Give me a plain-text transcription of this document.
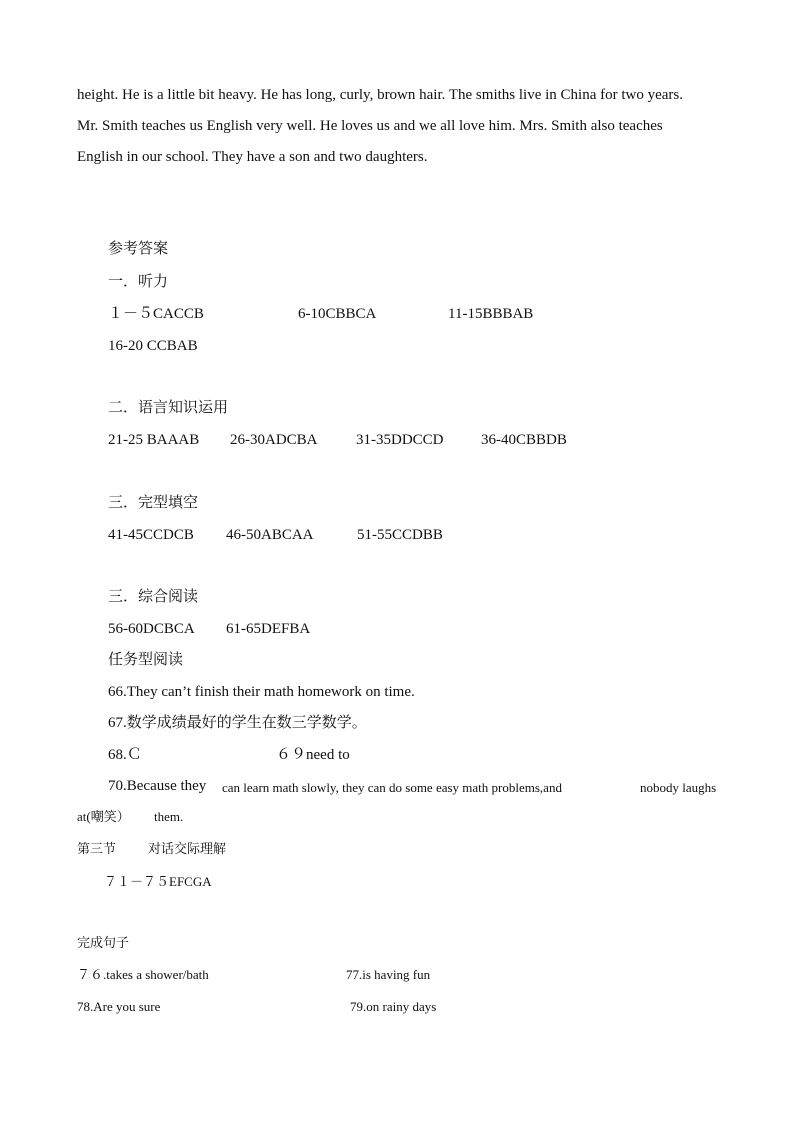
height. He is a little bit heavy. He has long, curly, brown hair. The smiths live in China for two years.
Mr. Smith teaches us English very well. He loves us and we all love him. Mrs. Smith also teaches
English in our school. They have a son and two daughters.
参考答案
一．听力
１－５CACCB	6-10CBBCA	11-15BBBAB
16-20 CCBAB
二．语言知识运用
21-25 BAAAB 26-30ADCBA	31-35DDCCD 36-40CBBDB
三．完型填空
41-45CCDCB 46-50ABCAA	51-55CCDBB
三．综合阅读
56-60DCBCA 61-65DEFBA
任务型阅读
66.They can’t finish their math homework on time.
67.数学成绩最好的学生在数三学数学。
68.Ｃ	６９need to
70.Because they can learn math slowly, they can do some easy math problems,and	nobody laughs
at(嘲笑） them.
第三节 对话交际理解
７１－７５EFCGA
完成句子
７６.takes a shower/bath	77.is having fun
78.Are you sure	79.on rainy days
